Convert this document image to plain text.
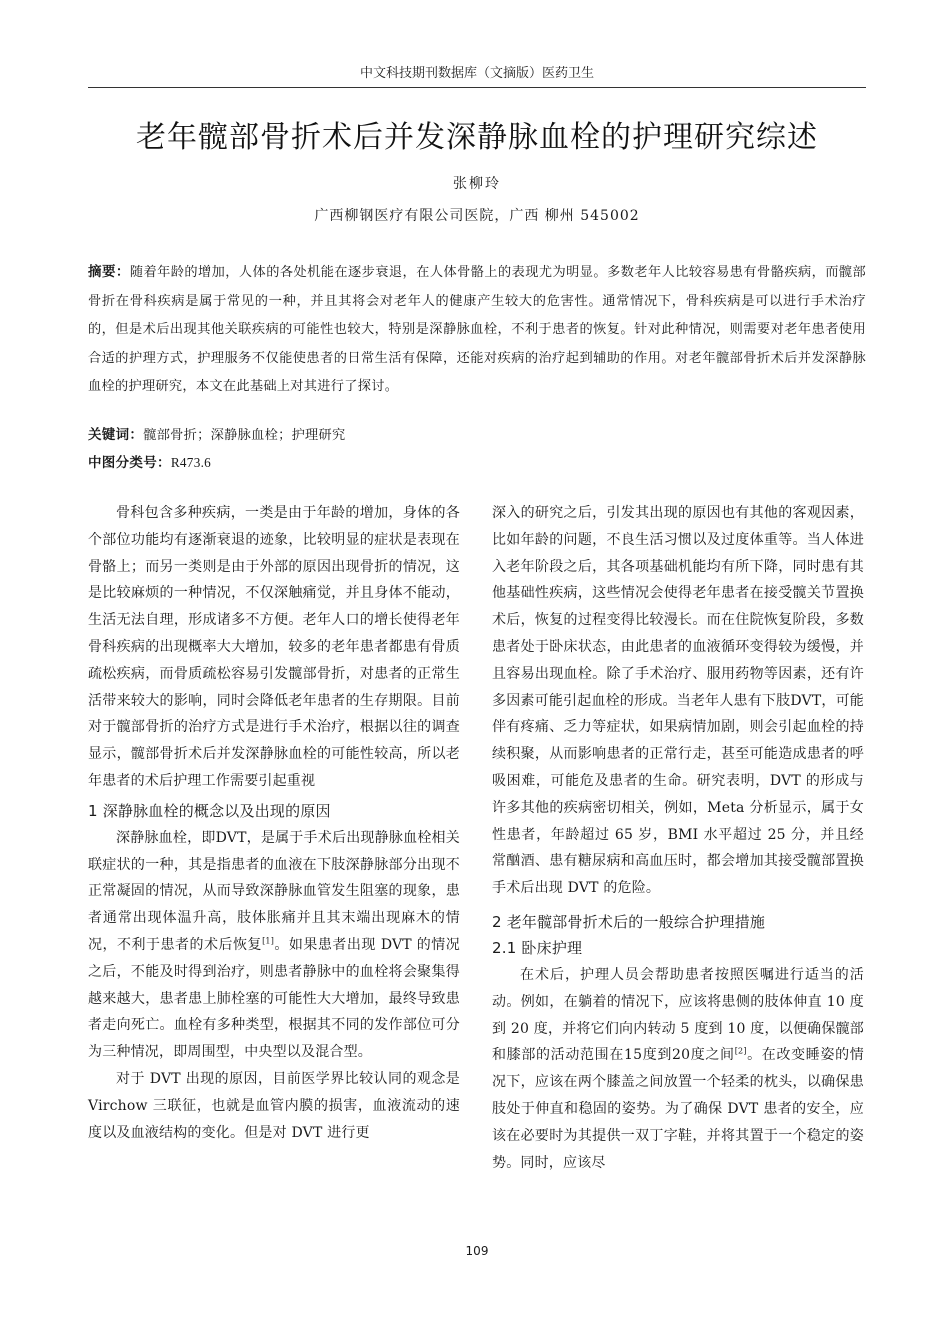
中文科技期刊数据库（文摘版）医药卫生
老年髋部骨折术后并发深静脉血栓的护理研究综述
张柳玲
广西柳钢医疗有限公司医院，广西 柳州 545002
摘要：随着年龄的增加，人体的各处机能在逐步衰退，在人体骨骼上的表现尤为明显。多数老年人比较容易患有骨骼疾病，而髋部骨折在骨科疾病是属于常见的一种，并且其将会对老年人的健康产生较大的危害性。通常情况下，骨科疾病是可以进行手术治疗的，但是术后出现其他关联疾病的可能性也较大，特别是深静脉血栓，不利于患者的恢复。针对此种情况，则需要对老年患者使用合适的护理方式，护理服务不仅能使患者的日常生活有保障，还能对疾病的治疗起到辅助的作用。对老年髋部骨折术后并发深静脉血栓的护理研究，本文在此基础上对其进行了探讨。
关键词：髋部骨折；深静脉血栓；护理研究
中图分类号：R473.6

骨科包含多种疾病，一类是由于年龄的增加，身体的各个部位功能均有逐渐衰退的迹象，比较明显的症状是表现在骨骼上；而另一类则是由于外部的原因出现骨折的情况，这是比较麻烦的一种情况，不仅深触痛觉，并且身体不能动，生活无法自理，形成诸多不方便。老年人口的增长使得老年骨科疾病的出现概率大大增加，较多的老年患者都患有骨质疏松疾病，而骨质疏松容易引发髋部骨折，对患者的正常生活带来较大的影响，同时会降低老年患者的生存期限。目前对于髋部骨折的治疗方式是进行手术治疗，根据以往的调查显示，髋部骨折术后并发深静脉血栓的可能性较高，所以老年患者的术后护理工作需要引起重视

1 深静脉血栓的概念以及出现的原因

深静脉血栓，即DVT，是属于手术后出现静脉血栓相关联症状的一种，其是指患者的血液在下肢深静脉部分出现不正常凝固的情况，从而导致深静脉血管发生阻塞的现象，患者通常出现体温升高，肢体胀痛并且其末端出现麻木的情况，不利于患者的术后恢复[1]。如果患者出现 DVT 的情况之后，不能及时得到治疗，则患者静脉中的血栓将会聚集得越来越大，患者患上肺栓塞的可能性大大增加，最终导致患者走向死亡。血栓有多种类型，根据其不同的发作部位可分为三种情况，即周围型，中央型以及混合型。

对于 DVT 出现的原因，目前医学界比较认同的观念是 Virchow 三联征，也就是血管内膜的损害，血液流动的速度以及血液结构的变化。但是对 DVT 进行更

深入的研究之后，引发其出现的原因也有其他的客观因素，比如年龄的问题，不良生活习惯以及过度体重等。当人体进入老年阶段之后，其各项基础机能均有所下降，同时患有其他基础性疾病，这些情况会使得老年患者在接受髋关节置换术后，恢复的过程变得比较漫长。而在住院恢复阶段，多数患者处于卧床状态，由此患者的血液循环变得较为缓慢，并且容易出现血栓。除了手术治疗、服用药物等因素，还有许多因素可能引起血栓的形成。当老年人患有下肢DVT，可能伴有疼痛、乏力等症状，如果病情加剧，则会引起血栓的持续积聚，从而影响患者的正常行走，甚至可能造成患者的呼吸困难，可能危及患者的生命。研究表明，DVT 的形成与许多其他的疾病密切相关，例如，Meta 分析显示，属于女性患者，年龄超过 65 岁，BMI 水平超过 25 分，并且经常酗酒、患有糖尿病和高血压时，都会增加其接受髋部置换手术后出现 DVT 的危险。

2 老年髋部骨折术后的一般综合护理措施
2.1 卧床护理

在术后，护理人员会帮助患者按照医嘱进行适当的活动。例如，在躺着的情况下，应该将患侧的肢体伸直 10 度到 20 度，并将它们向内转动 5 度到 10 度，以便确保髋部和膝部的活动范围在15度到20度之间[2]。在改变睡姿的情况下，应该在两个膝盖之间放置一个轻柔的枕头，以确保患肢处于伸直和稳固的姿势。为了确保 DVT 患者的安全，应该在必要时为其提供一双丁字鞋，并将其置于一个稳定的姿势。同时，应该尽

109
